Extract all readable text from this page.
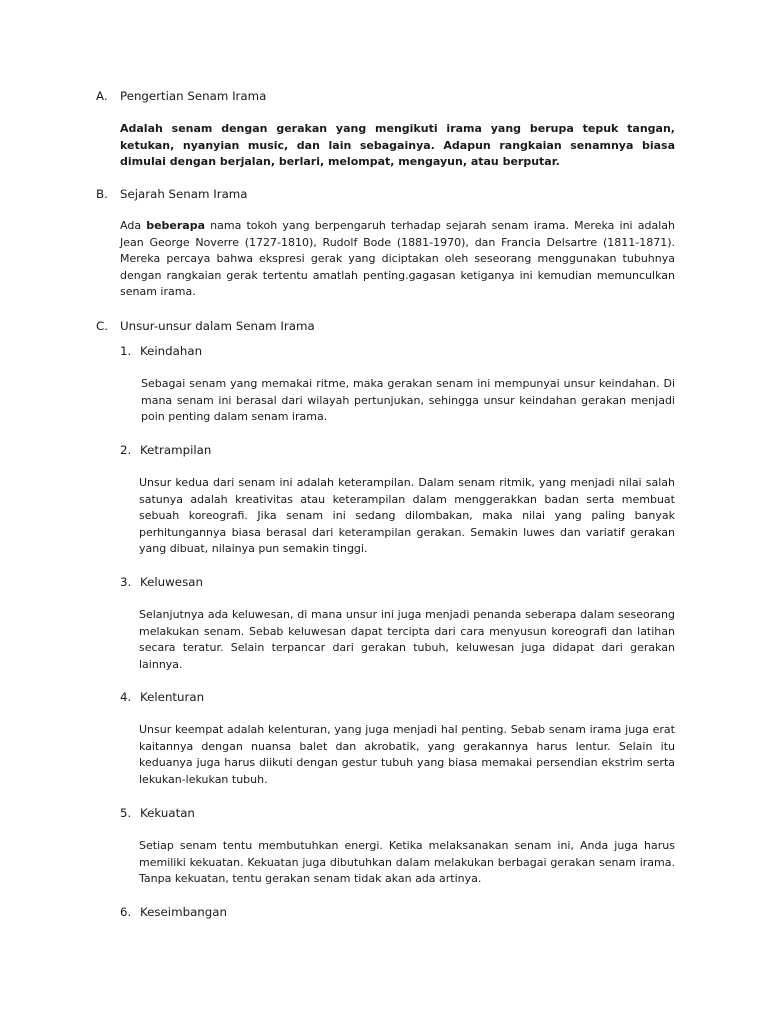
A. Pengertian Senam Irama
Adalah senam dengan gerakan yang mengikuti irama yang berupa tepuk tangan, ketukan, nyanyian music, dan lain sebagainya. Adapun rangkaian senamnya biasa dimulai dengan berjalan, berlari, melompat, mengayun, atau berputar.
B. Sejarah Senam Irama
Ada beberapa nama tokoh yang berpengaruh terhadap sejarah senam irama. Mereka ini adalah Jean George Noverre (1727-1810), Rudolf Bode (1881-1970), dan Francia Delsartre (1811-1871). Mereka percaya bahwa ekspresi gerak yang diciptakan oleh seseorang menggunakan tubuhnya dengan rangkaian gerak tertentu amatlah penting.gagasan ketiganya ini kemudian memunculkan senam irama.
C. Unsur-unsur dalam Senam Irama
1. Keindahan
Sebagai senam yang memakai ritme, maka gerakan senam ini mempunyai unsur keindahan. Di mana senam ini berasal dari wilayah pertunjukan, sehingga unsur keindahan gerakan menjadi poin penting dalam senam irama.
2. Ketrampilan
Unsur kedua dari senam ini adalah keterampilan. Dalam senam ritmik, yang menjadi nilai salah satunya adalah kreativitas atau keterampilan dalam menggerakkan badan serta membuat sebuah koreografi. Jika senam ini sedang dilombakan, maka nilai yang paling banyak perhitungannya biasa berasal dari keterampilan gerakan. Semakin luwes dan variatif gerakan yang dibuat, nilainya pun semakin tinggi.
3. Keluwesan
Selanjutnya ada keluwesan, di mana unsur ini juga menjadi penanda seberapa dalam seseorang melakukan senam. Sebab keluwesan dapat tercipta dari cara menyusun koreografi dan latihan secara teratur. Selain terpancar dari gerakan tubuh, keluwesan juga didapat dari gerakan lainnya.
4. Kelenturan
Unsur keempat adalah kelenturan, yang juga menjadi hal penting. Sebab senam irama juga erat kaitannya dengan nuansa balet dan akrobatik, yang gerakannya harus lentur. Selain itu keduanya juga harus diikuti dengan gestur tubuh yang biasa memakai persendian ekstrim serta lekukan-lekukan tubuh.
5. Kekuatan
Setiap senam tentu membutuhkan energi. Ketika melaksanakan senam ini, Anda juga harus memiliki kekuatan. Kekuatan juga dibutuhkan dalam melakukan berbagai gerakan senam irama. Tanpa kekuatan, tentu gerakan senam tidak akan ada artinya.
6. Keseimbangan
